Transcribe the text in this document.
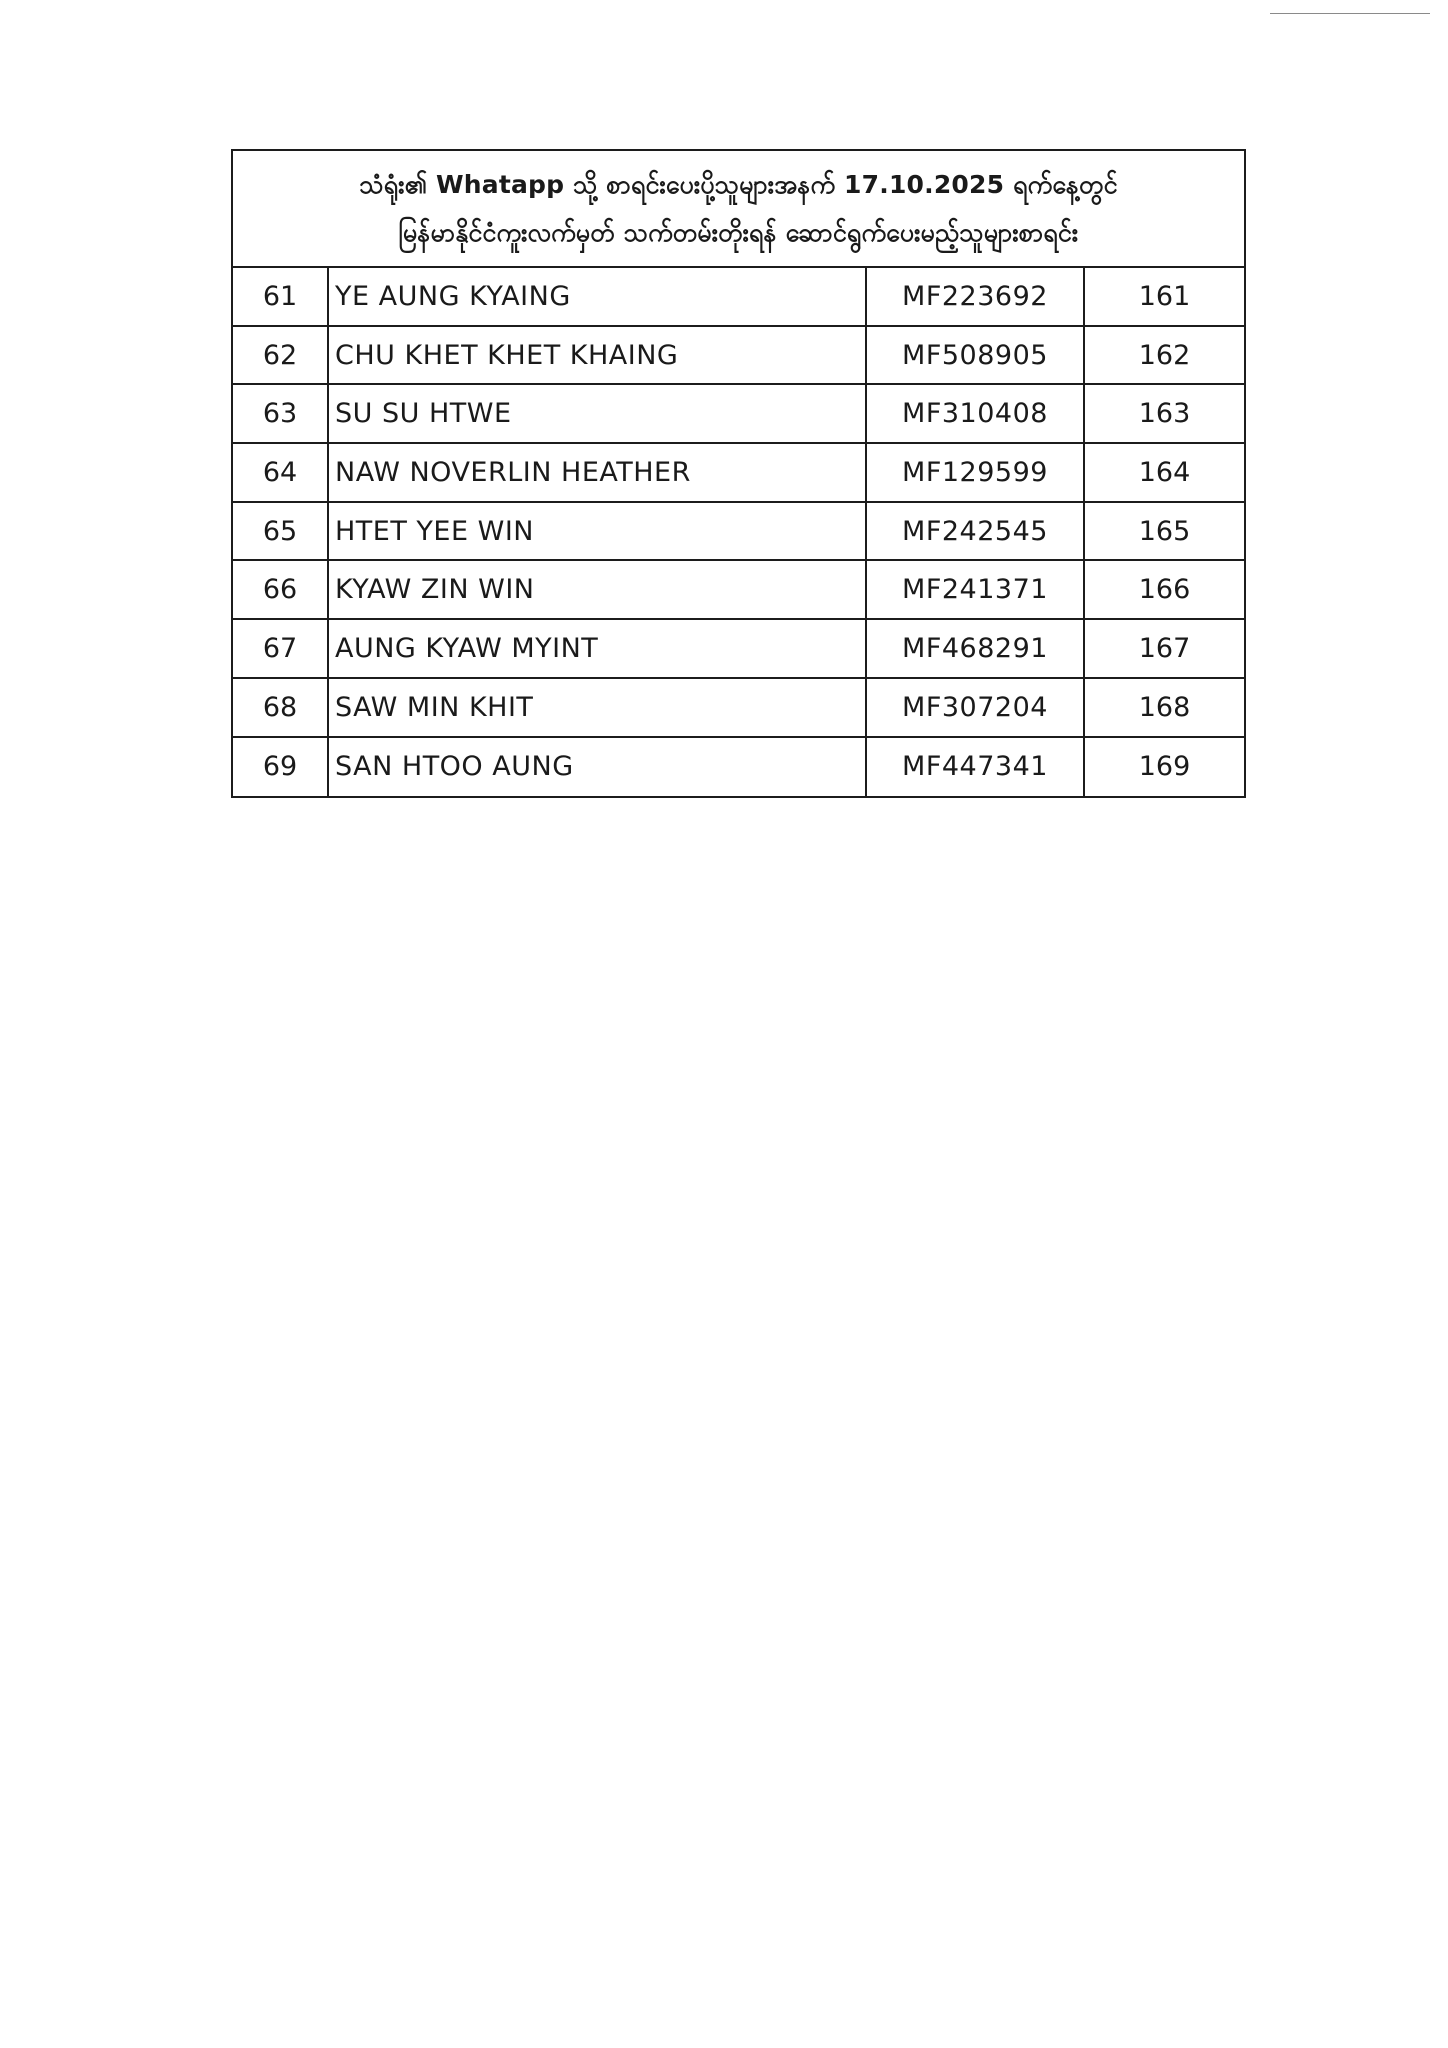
သံရုံး၏ Whatapp သို့ စာရင်းပေးပို့သူများအနက် 17.10.2025 ရက်နေ့တွင်
မြန်မာနိုင်ငံကူးလက်မှတ် သက်တမ်းတိုးရန် ဆောင်ရွက်ပေးမည့်သူများစာရင်း
61	YE AUNG KYAING	MF223692	161
62	CHU KHET KHET KHAING	MF508905	162
63	SU SU HTWE	MF310408	163
64	NAW NOVERLIN HEATHER	MF129599	164
65	HTET YEE WIN	MF242545	165
66	KYAW ZIN WIN	MF241371	166
67	AUNG KYAW MYINT	MF468291	167
68	SAW MIN KHIT	MF307204	168
69	SAN HTOO AUNG	MF447341	169
